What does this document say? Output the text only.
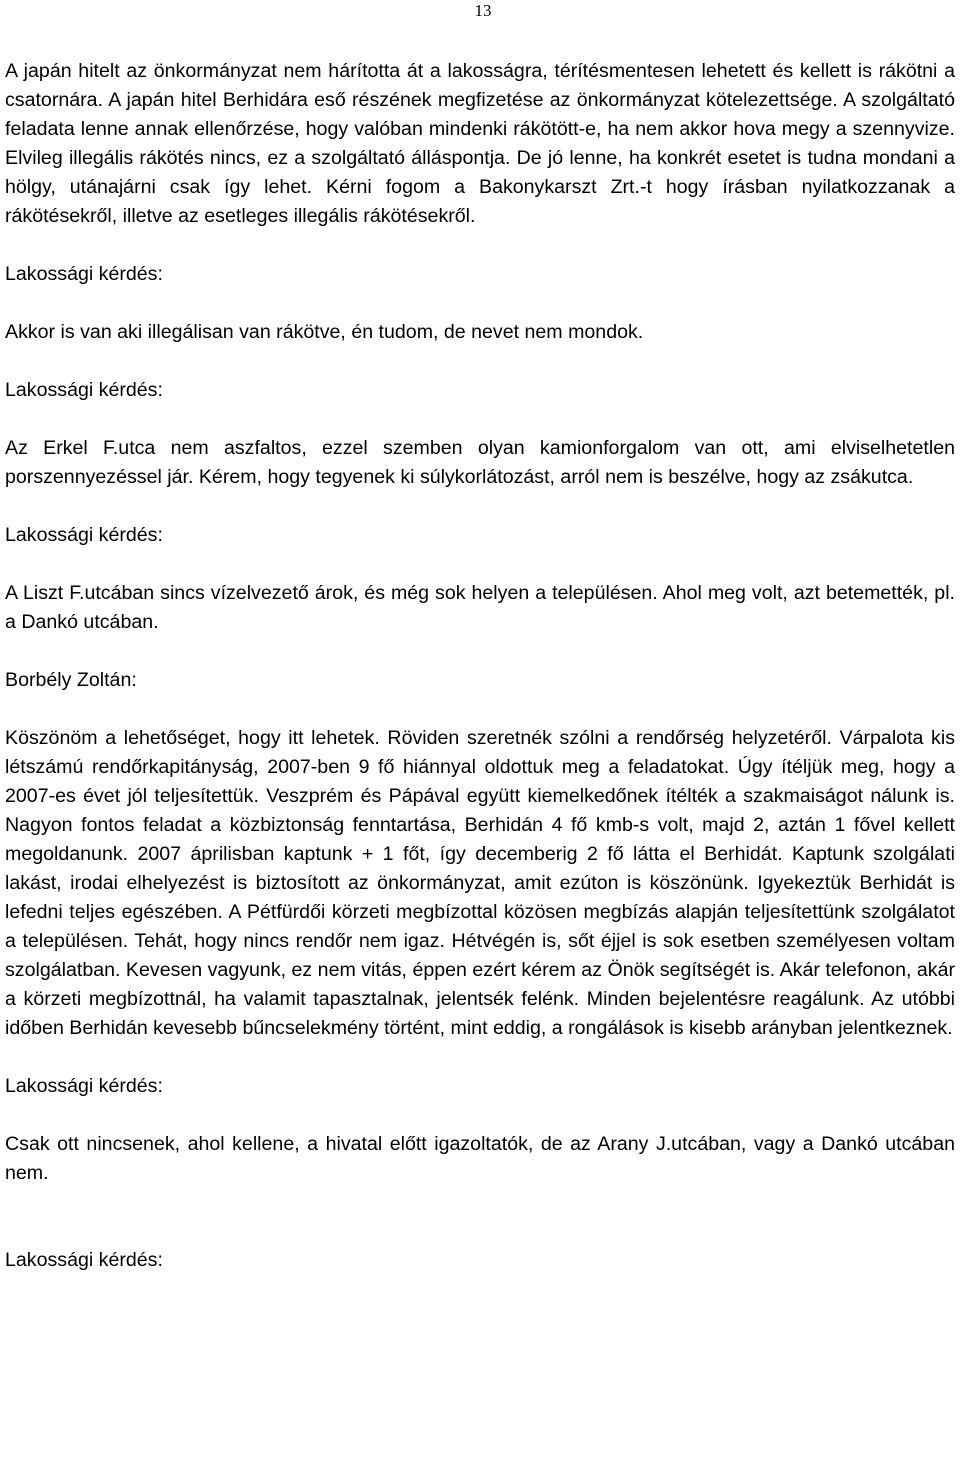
13

A japán hitelt az önkormányzat nem hárította át a lakosságra, térítésmentesen lehetett és kellett is rákötni a csatornára. A japán hitel Berhidára eső részének megfizetése az önkormányzat kötelezettsége. A szolgáltató feladata lenne annak ellenőrzése, hogy valóban mindenki rákötött-e, ha nem akkor hova megy a szennyvize. Elvileg illegális rákötés nincs, ez a szolgáltató álláspontja. De jó lenne, ha konkrét esetet is tudna mondani a hölgy, utánajárni csak így lehet. Kérni fogom a Bakonykarszt Zrt.-t hogy írásban nyilatkozzanak a rákötésekről, illetve az esetleges illegális rákötésekről.

Lakossági kérdés:

Akkor is van aki illegálisan van rákötve, én tudom, de nevet nem mondok.

Lakossági kérdés:

Az Erkel F.utca nem aszfaltos, ezzel szemben olyan kamionforgalom van ott, ami elviselhetetlen porszennyezéssel jár. Kérem, hogy tegyenek ki súlykorlátozást, arról nem is beszélve, hogy az zsákutca.

Lakossági kérdés:

A Liszt F.utcában sincs vízelvezető árok, és még sok helyen a településen. Ahol meg volt, azt betemették, pl. a Dankó utcában.

Borbély Zoltán:

Köszönöm a lehetőséget, hogy itt lehetek. Röviden szeretnék szólni a rendőrség helyzetéről. Várpalota kis létszámú rendőrkapitányság, 2007-ben 9 fő hiánnyal oldottuk meg a feladatokat. Úgy ítéljük meg, hogy a 2007-es évet jól teljesítettük. Veszprém és Pápával együtt kiemelkedőnek ítélték a szakmaiságot nálunk is. Nagyon fontos feladat a közbiztonság fenntartása, Berhidán 4 fő kmb-s volt, majd 2, aztán 1 fővel kellett megoldanunk. 2007 áprilisban kaptunk + 1 főt, így decemberig 2 fő látta el Berhidát. Kaptunk szolgálati lakást, irodai elhelyezést is biztosított az önkormányzat, amit ezúton is köszönünk. Igyekeztük Berhidát is lefedni teljes egészében. A Pétfürdői körzeti megbízottal közösen megbízás alapján teljesítettünk szolgálatot a településen. Tehát, hogy nincs rendőr nem igaz. Hétvégén is, sőt éjjel is sok esetben személyesen voltam szolgálatban. Kevesen vagyunk, ez nem vitás, éppen ezért kérem az Önök segítségét is. Akár telefonon, akár a körzeti megbízottnál, ha valamit tapasztalnak, jelentsék felénk. Minden bejelentésre reagálunk. Az utóbbi időben Berhidán kevesebb bűncselekmény történt, mint eddig, a rongálások is kisebb arányban jelentkeznek.

Lakossági kérdés:

Csak ott nincsenek, ahol kellene, a hivatal előtt igazoltatók, de az Arany J.utcában, vagy a Dankó utcában nem.

Lakossági kérdés:
